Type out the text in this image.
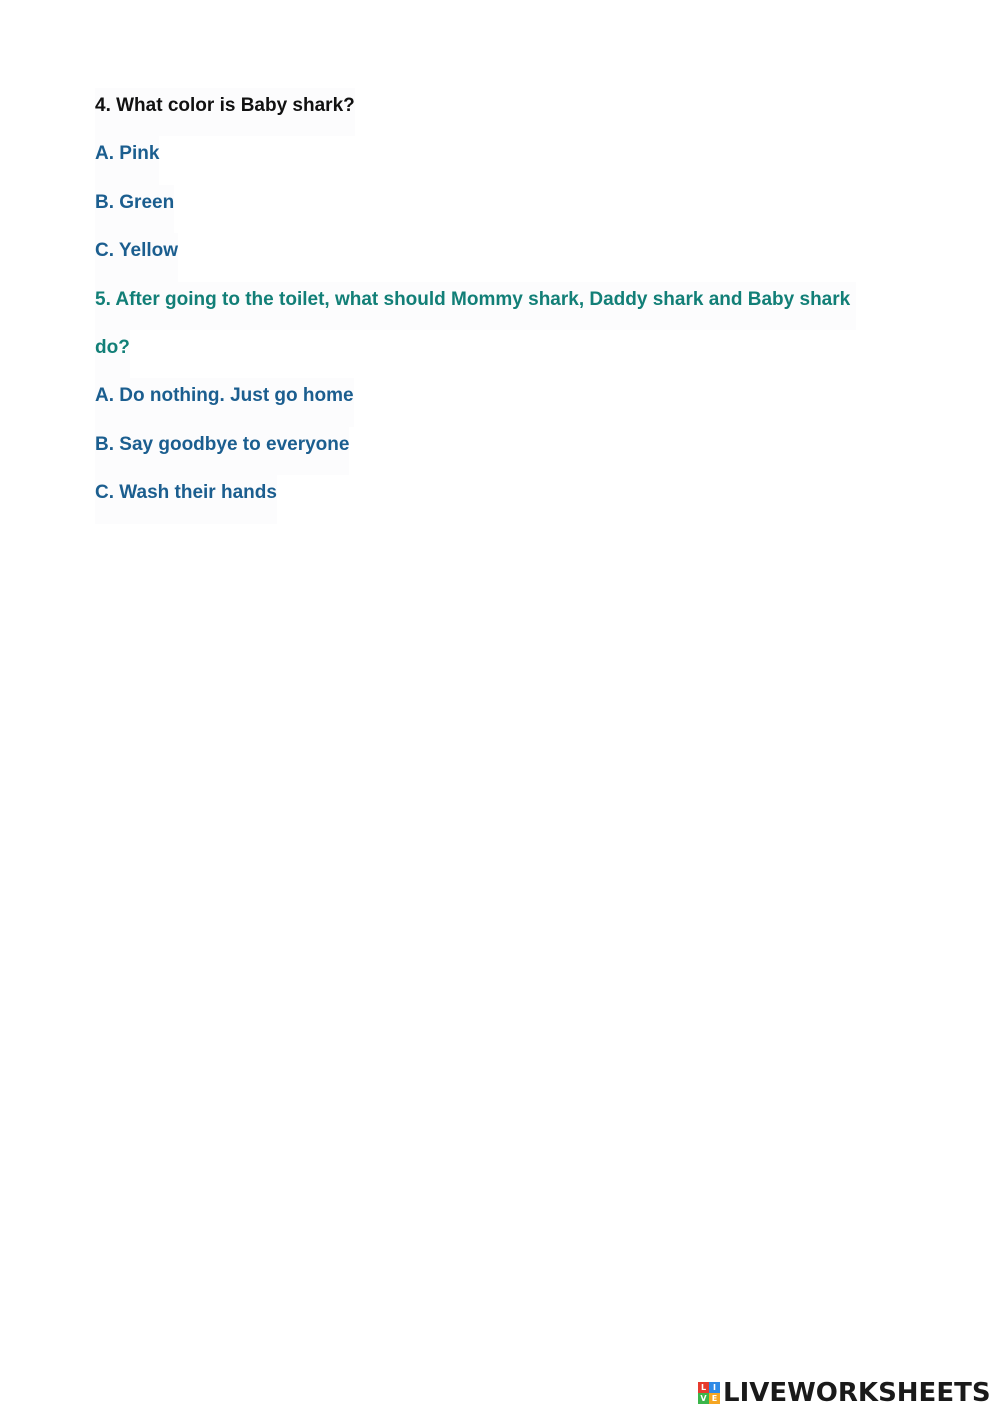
4. What color is Baby shark?
A. Pink
B. Green
C. Yellow
5. After going to the toilet, what should Mommy shark, Daddy shark and Baby shark
do?
A. Do nothing. Just go home
B. Say goodbye to everyone
C. Wash their hands
L I
V E LIVEWORKSHEETS
